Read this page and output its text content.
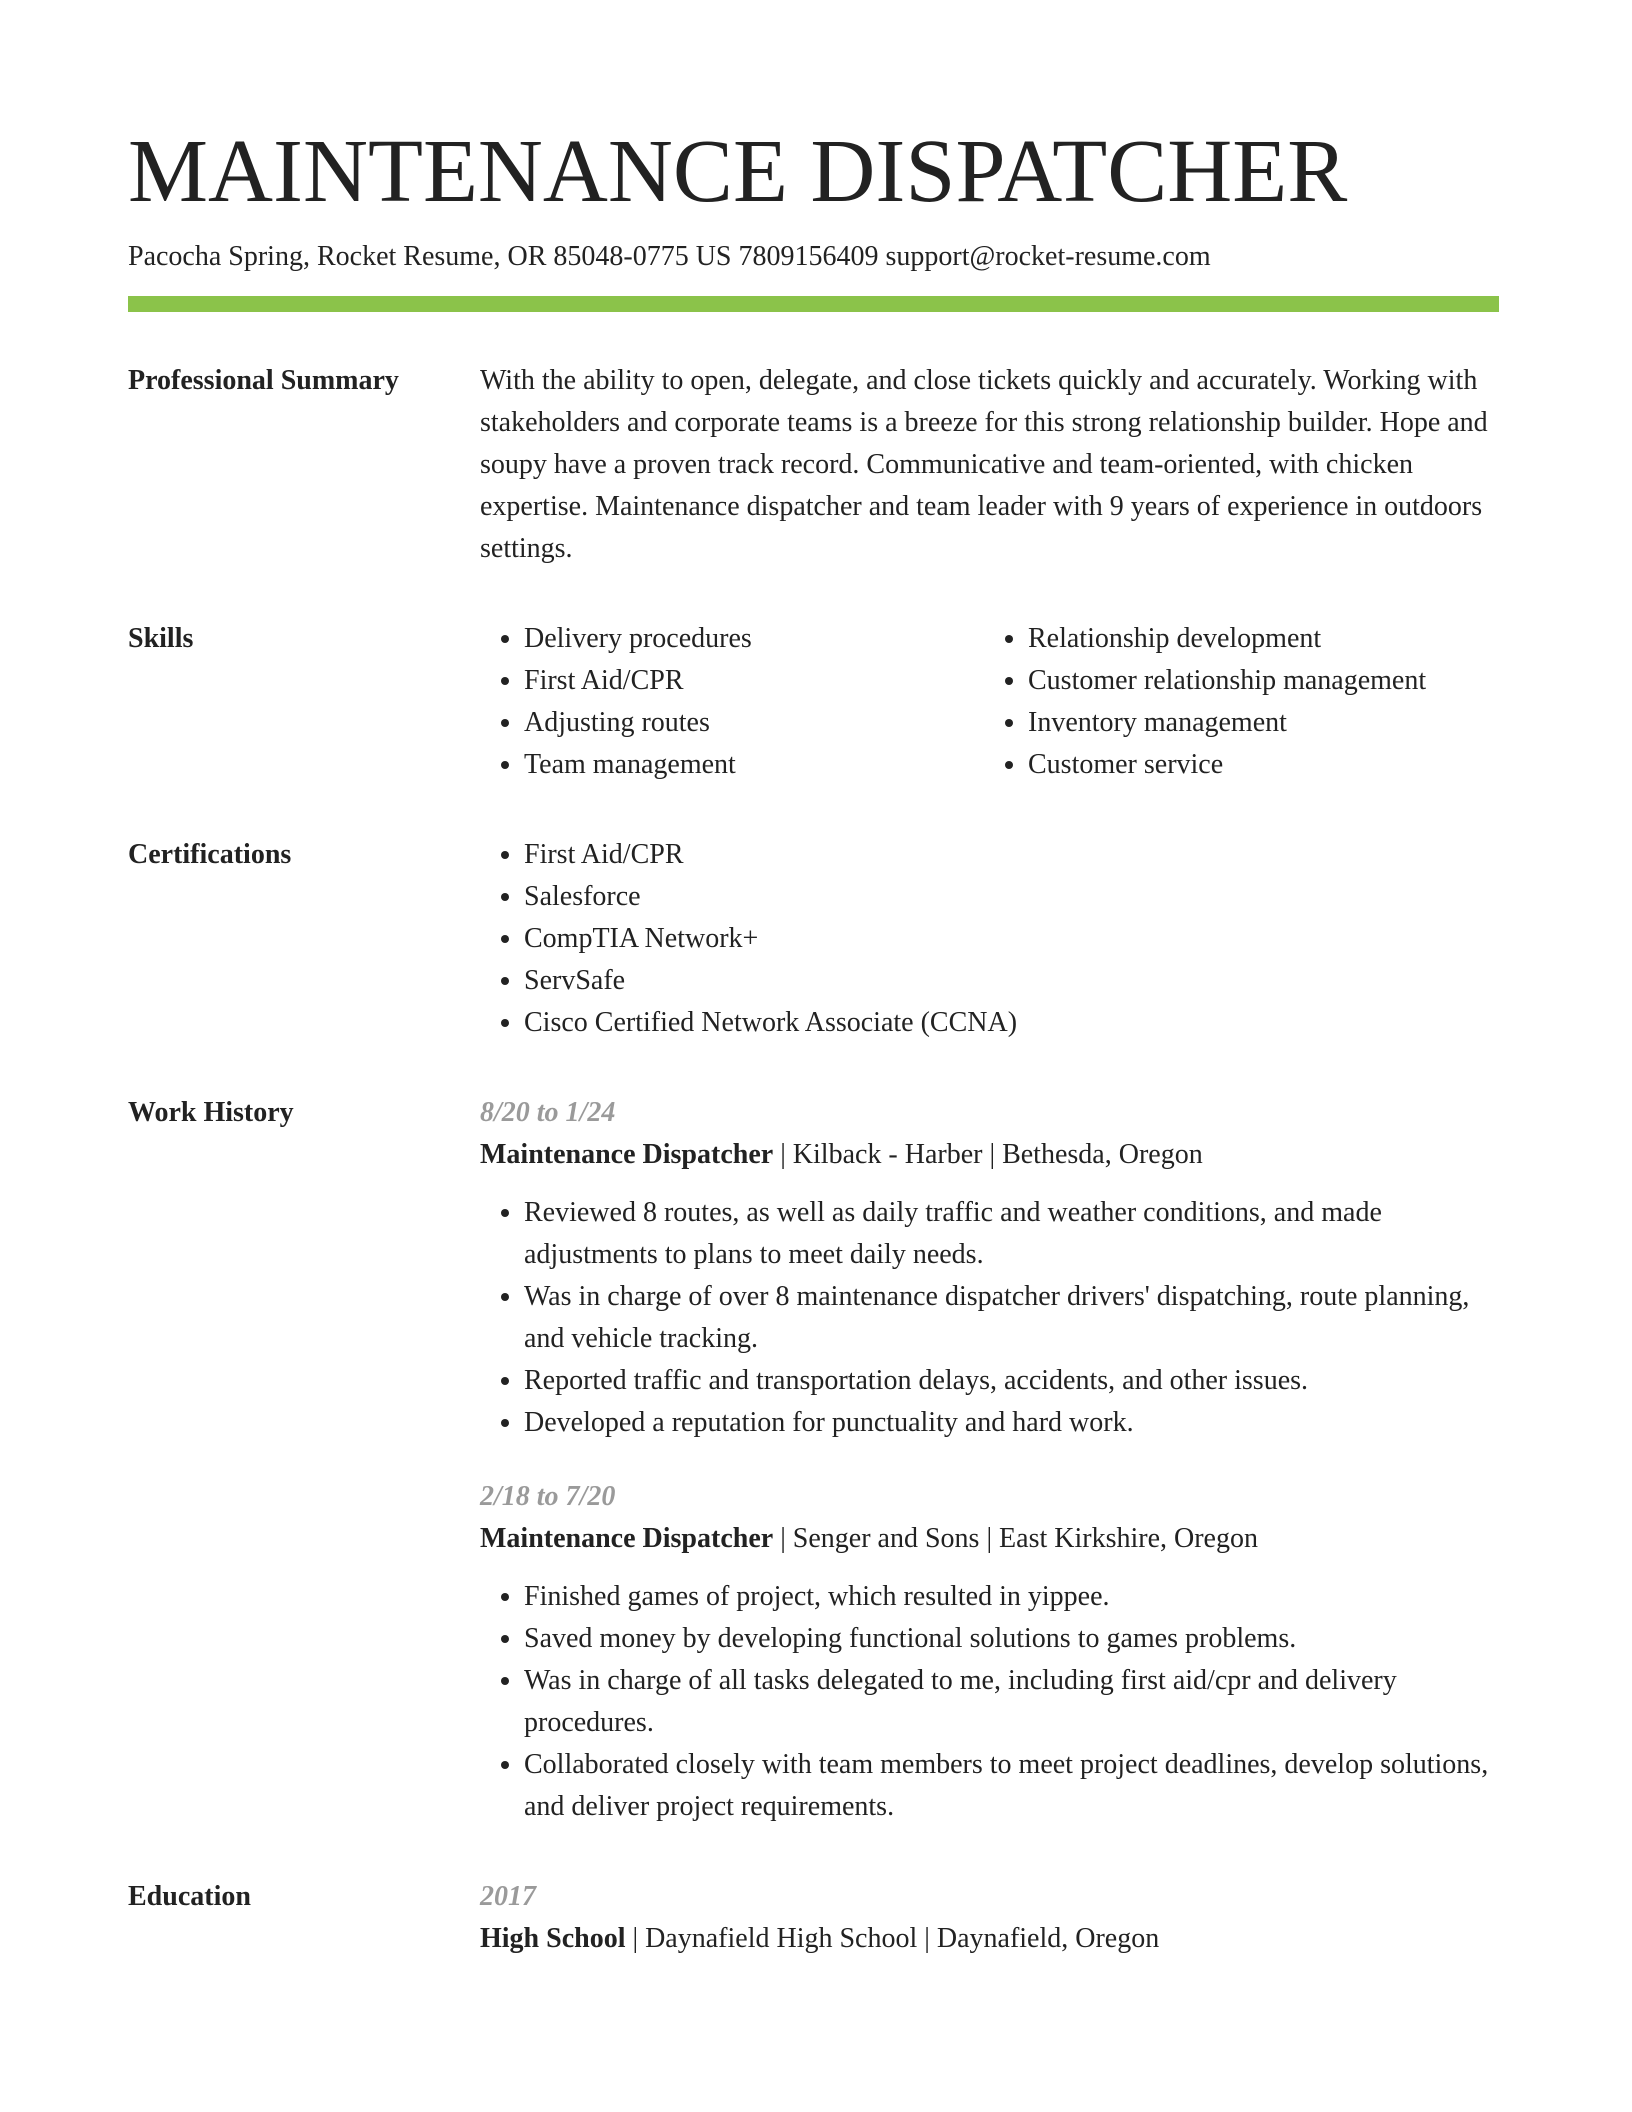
MAINTENANCE DISPATCHER
Pacocha Spring, Rocket Resume, OR 85048-0775 US 7809156409 support@rocket-resume.com
Professional Summary	With the ability to open, delegate, and close tickets quickly and accurately. Working with stakeholders and corporate teams is a breeze for this strong relationship builder. Hope and soupy have a proven track record. Communicative and team-oriented, with chicken expertise. Maintenance dispatcher and team leader with 9 years of experience in outdoors settings.

Skills	• Delivery procedures
• First Aid/CPR
• Adjusting routes
• Team management
• Relationship development
• Customer relationship management
• Inventory management
• Customer service
Certifications	• First Aid/CPR
• Salesforce
• CompTIA Network+
• ServSafe
• Cisco Certified Network Associate (CCNA)
Work History	8/20 to 1/24
Maintenance Dispatcher | Kilback - Harber | Bethesda, Oregon
• Reviewed 8 routes, as well as daily traffic and weather conditions, and made adjustments to plans to meet daily needs.
• Was in charge of over 8 maintenance dispatcher drivers' dispatching, route planning, and vehicle tracking.
• Reported traffic and transportation delays, accidents, and other issues.
• Developed a reputation for punctuality and hard work.
2/18 to 7/20
Maintenance Dispatcher | Senger and Sons | East Kirkshire, Oregon
• Finished games of project, which resulted in yippee.
• Saved money by developing functional solutions to games problems.
• Was in charge of all tasks delegated to me, including first aid/cpr and delivery procedures.
• Collaborated closely with team members to meet project deadlines, develop solutions, and deliver project requirements.
Education	2017
High School | Daynafield High School | Daynafield, Oregon
